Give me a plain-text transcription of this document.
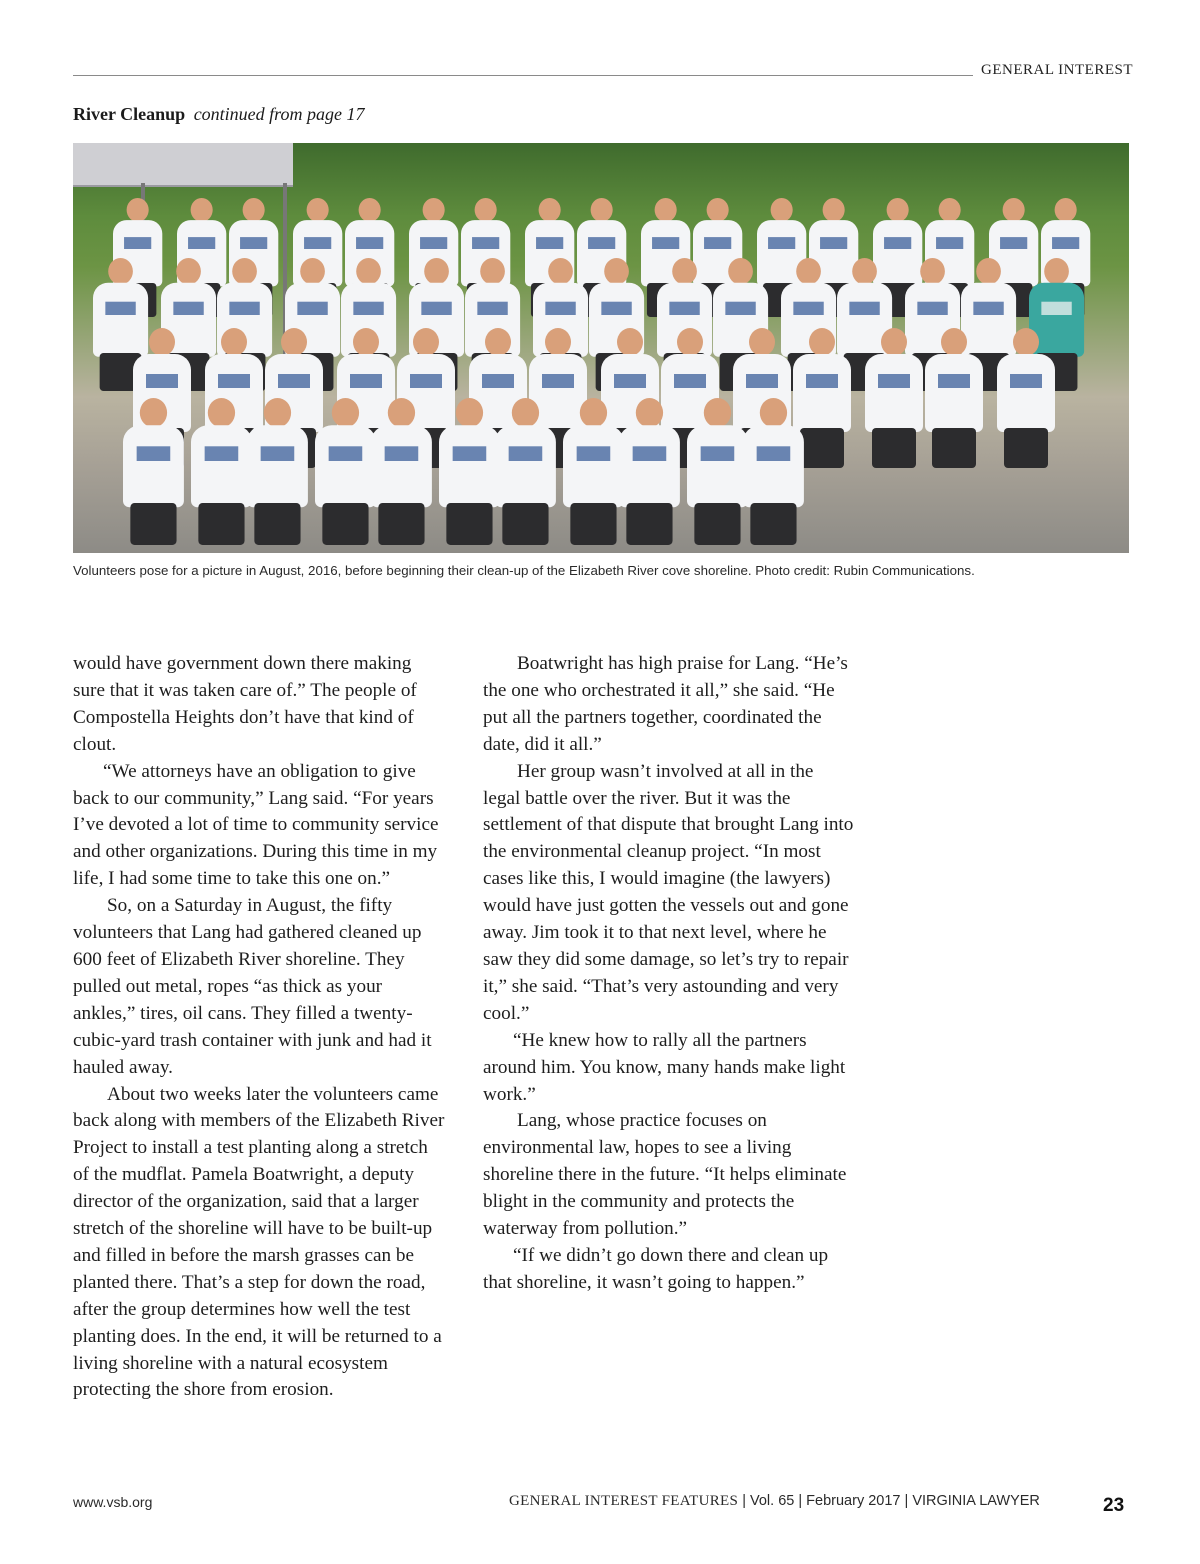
GENERAL INTEREST
River Cleanup continued from page 17
Volunteers pose for a picture in August, 2016, before beginning their clean-up of the Elizabeth River cove shoreline. Photo credit: Rubin Communications.

would have government down there making sure that it was taken care of.” The people of Compostella Heights don’t have that kind of clout.

“We attorneys have an obligation to give back to our community,” Lang said. “For years I’ve devoted a lot of time to community service and other organizations. During this time in my life, I had some time to take this one on.”

So, on a Saturday in August, the fifty volunteers that Lang had gathered cleaned up 600 feet of Elizabeth River shoreline. They pulled out metal, ropes “as thick as your ankles,” tires, oil cans. They filled a twenty-cubic-yard trash container with junk and had it hauled away.

About two weeks later the volunteers came back along with members of the Elizabeth River Project to install a test planting along a stretch of the mudflat. Pamela Boatwright, a deputy director of the organization, said that a larger stretch of the shoreline will have to be built-up and filled in before the marsh grasses can be planted there. That’s a step for down the road, after the group determines how well the test planting does. In the end, it will be returned to a living shoreline with a natural ecosystem protecting the shore from erosion.

Boatwright has high praise for Lang. “He’s the one who orchestrated it all,” she said. “He put all the partners together, coordinated the date, did it all.”

Her group wasn’t involved at all in the legal battle over the river. But it was the settlement of that dispute that brought Lang into the environmental cleanup project. “In most cases like this, I would imagine (the lawyers) would have just gotten the vessels out and gone away. Jim took it to that next level, where he saw they did some damage, so let’s try to repair it,” she said. “That’s very astounding and very cool.”

“He knew how to rally all the partners around him. You know, many hands make light work.”

Lang, whose practice focuses on environmental law, hopes to see a living shoreline there in the future. “It helps eliminate blight in the community and protects the waterway from pollution.”

“If we didn’t go down there and clean up that shoreline, it wasn’t going to happen.”

www.vsb.org	GENERAL INTEREST FEATURES | Vol. 65 | February 2017 | VIRGINIA LAWYER	23
